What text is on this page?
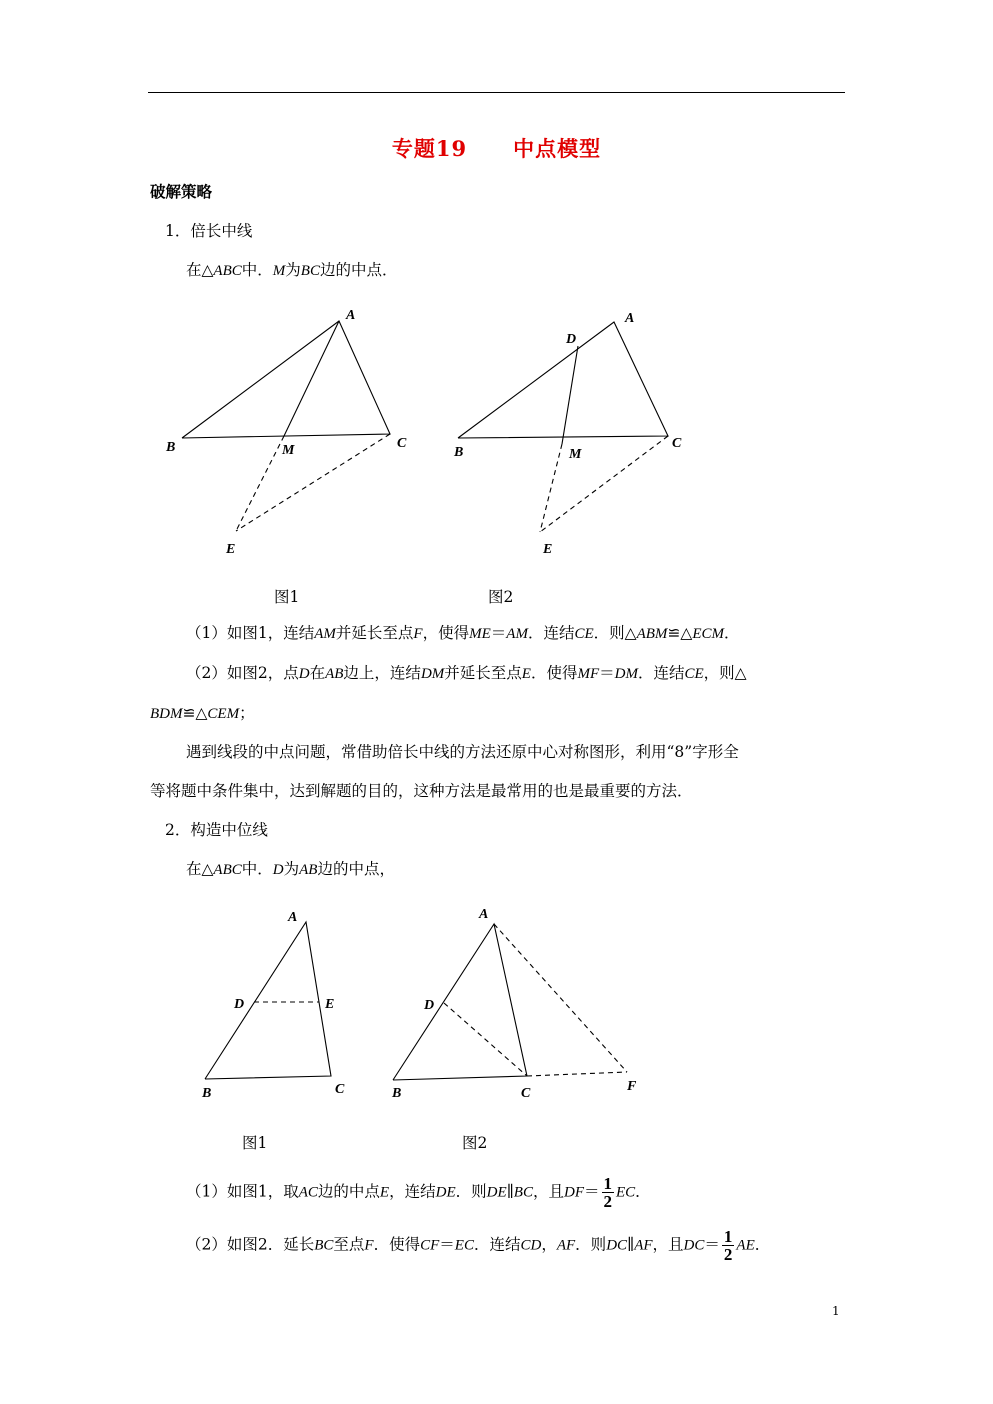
专题19 中点模型
破解策略
1．倍长中线
在△ABC中．M为BC边的中点．
A
B	M	C
E
A
D
B	M
C
E
A
D	E
B	C
A
D
B	C	F
图1	图2
（1）如图1，连结AM并延长至点F，使得ME＝AM．连结CE．则△ABM≌△ECM．
（2）如图2，点D在AB边上，连结DM并延长至点E．使得MF＝DM．连结CE，则△
BDM≌△CEM；
遇到线段的中点问题，常借助倍长中线的方法还原中心对称图形，利用“8”字形全
等将题中条件集中，达到解题的目的，这种方法是最常用的也是最重要的方法．
2．构造中位线
在△ABC中．D为AB边的中点，
图1	图2
（1）如图1，取AC边的中点E，连结DE．则DE∥BC，且$DF= \frac{1}{2}$ EC．
（2）如图2．延长BC至点F．使得CF＝EC．连结CD，AF．则DC∥AF，且$DC= \frac{1}{2}$ AE．
1
